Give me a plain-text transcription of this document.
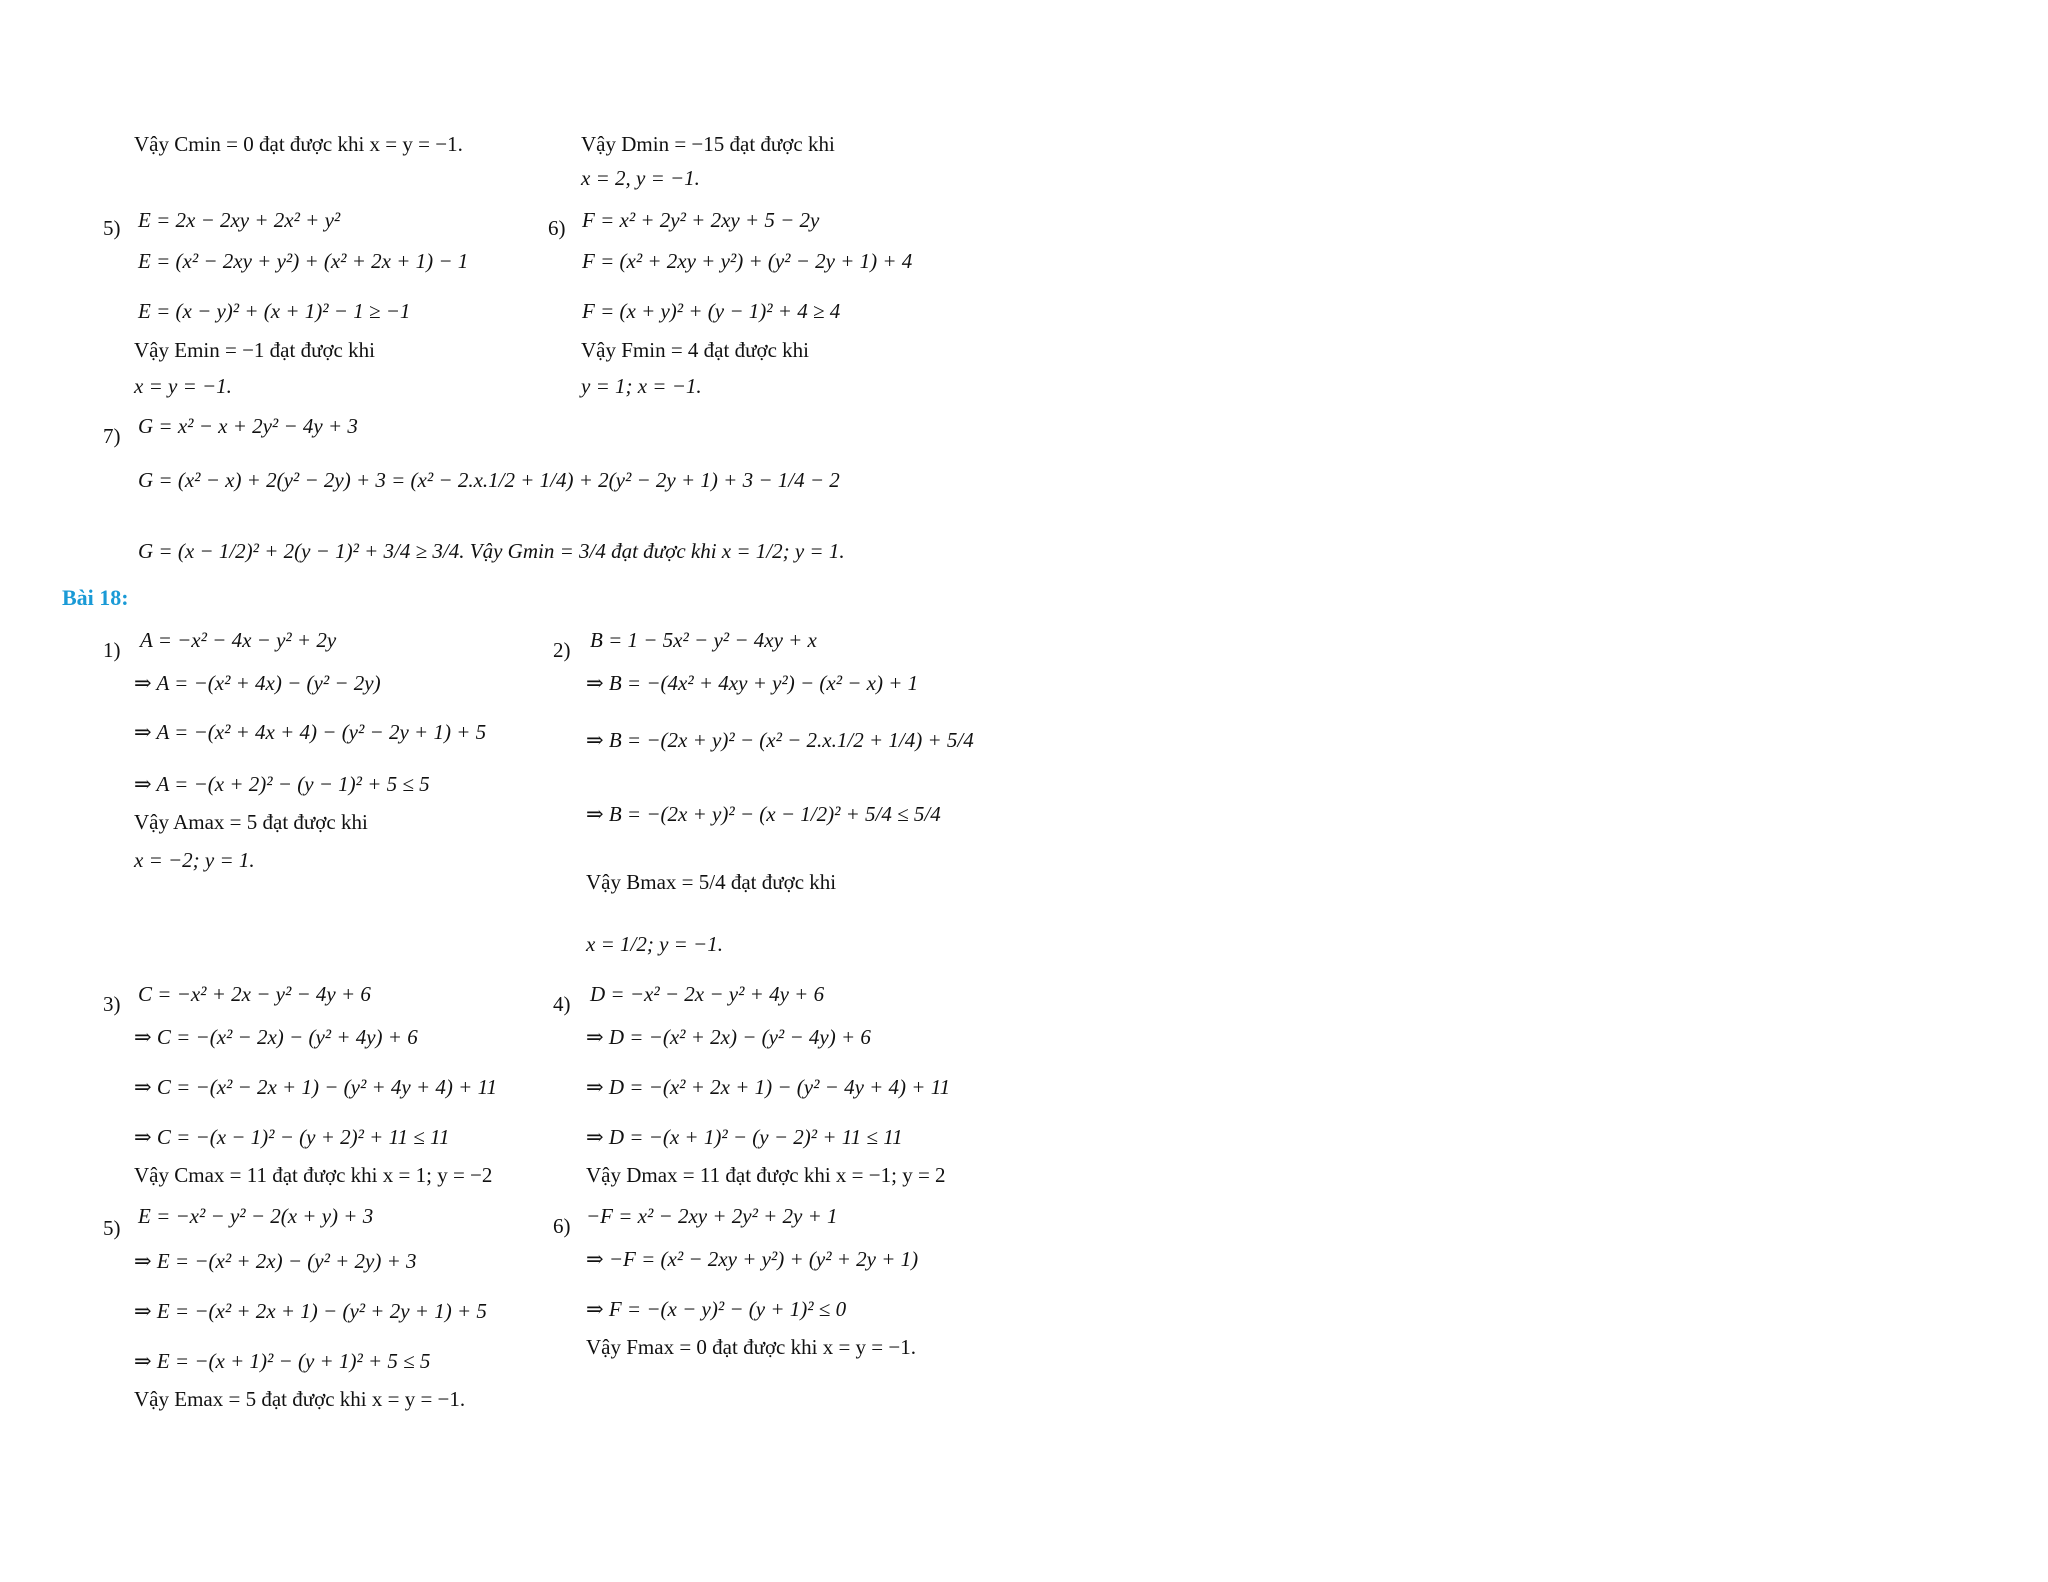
Vậy Cmin = 0 đạt được khi x = y = −1.	Vậy Dmin = −15 đạt được khi
x = 2, y = −1.
5) E = 2x − 2xy + 2x² + y²
E = (x² − 2xy + y²) + (x² + 2x + 1) − 1
E = (x − y)² + (x + 1)² − 1 ≥ −1
Vậy Emin = −1 đạt được khi
x = y = −1.
6) F = x² + 2y² + 2xy + 5 − 2y
F = (x² + 2xy + y²) + (y² − 2y + 1) + 4
F = (x + y)² + (y − 1)² + 4 ≥ 4
Vậy Fmin = 4 đạt được khi
y = 1; x = −1.
7) G = x² − x + 2y² − 4y + 3
G = (x² − x) + 2(y² − 2y) + 3 = (x² − 2.x.1/2 + 1/4) + 2(y² − 2y + 1) + 3 − 1/4 − 2
G = (x − 1/2)² + 2(y − 1)² + 3/4 ≥ 3/4. Vậy Gmin = 3/4 đạt được khi x = 1/2; y = 1.
Bài 18:
1) A = −x² − 4x − y² + 2y
⇒ A = −(x² + 4x) − (y² − 2y)
⇒ A = −(x² + 4x + 4) − (y² − 2y + 1) + 5
⇒ A = −(x + 2)² − (y − 1)² + 5 ≤ 5
Vậy Amax = 5 đạt được khi
x = −2; y = 1.
2) B = 1 − 5x² − y² − 4xy + x
⇒ B = −(4x² + 4xy + y²) − (x² − x) + 1
⇒ B = −(2x + y)² − (x² − 2.x.1/2 + 1/4) + 5/4
⇒ B = −(2x + y)² − (x − 1/2)² + 5/4 ≤ 5/4
Vậy Bmax = 5/4 đạt được khi
x = 1/2; y = −1.
3) C = −x² + 2x − y² − 4y + 6
⇒ C = −(x² − 2x) − (y² + 4y) + 6
⇒ C = −(x² − 2x + 1) − (y² + 4y + 4) + 11
⇒ C = −(x − 1)² − (y + 2)² + 11 ≤ 11
Vậy Cmax = 11 đạt được khi x = 1; y = −2
4) D = −x² − 2x − y² + 4y + 6
⇒ D = −(x² + 2x) − (y² − 4y) + 6
⇒ D = −(x² + 2x + 1) − (y² − 4y + 4) + 11
⇒ D = −(x + 1)² − (y − 2)² + 11 ≤ 11
Vậy Dmax = 11 đạt được khi x = −1; y = 2
5) E = −x² − y² − 2(x + y) + 3
⇒ E = −(x² + 2x) − (y² + 2y) + 3
⇒ E = −(x² + 2x + 1) − (y² + 2y + 1) + 5
⇒ E = −(x + 1)² − (y + 1)² + 5 ≤ 5
Vậy Emax = 5 đạt được khi x = y = −1.
6) −F = x² − 2xy + 2y² + 2y + 1
⇒ −F = (x² − 2xy + y²) + (y² + 2y + 1)
⇒ F = −(x − y)² − (y + 1)² ≤ 0
Vậy Fmax = 0 đạt được khi x = y = −1.
